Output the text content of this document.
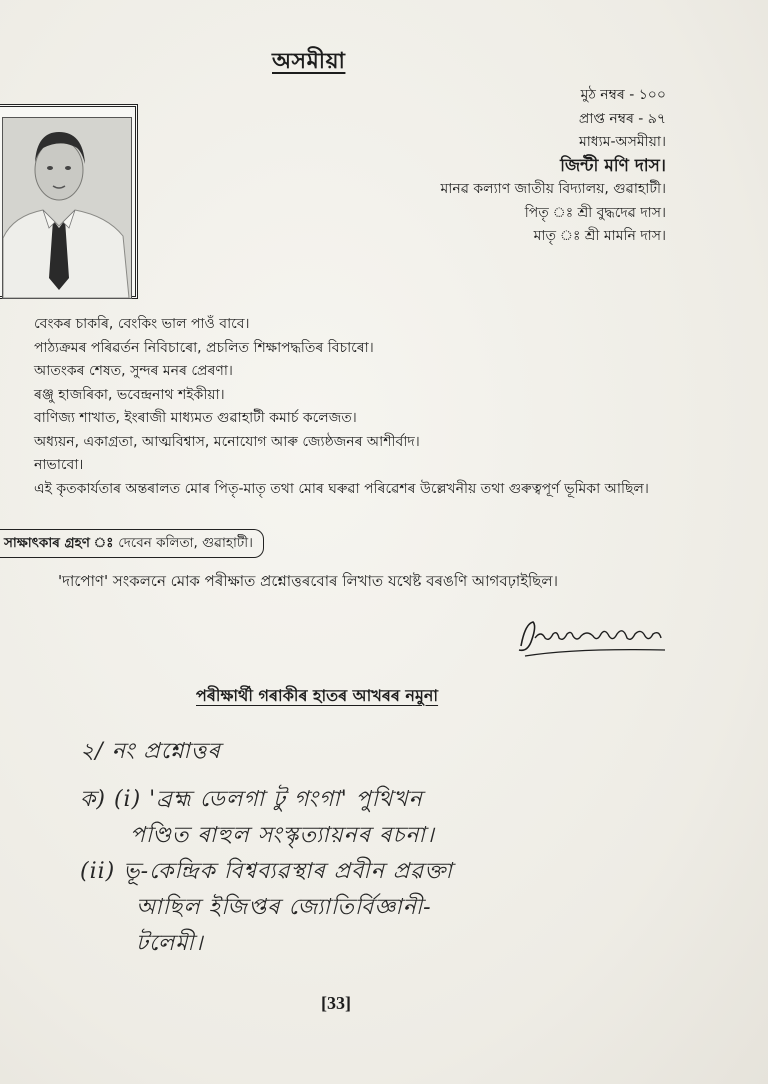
অসমীয়া
মুঠ নম্বৰ - ১০০
প্ৰাপ্ত নম্বৰ - ৯৭
মাধ্যম-অসমীয়া।
জিন্টী মণি দাস।
মানৱ কল্যাণ জাতীয় বিদ্যালয়, গুৱাহাটী।
পিতৃ ঃ শ্ৰী বুদ্ধদেৱ দাস।
মাতৃ ঃ শ্ৰী মামনি দাস।
বেংকৰ চাকৰি, বেংকিং ভাল পাওঁ বাবে।
পাঠ্যক্ৰমৰ পৰিৱৰ্তন নিবিচাৰো, প্ৰচলিত শিক্ষাপদ্ধতিৰ বিচাৰো।
আতংকৰ শেষত, সুন্দৰ মনৰ প্ৰেৰণা।
ৰঞ্জু হাজৰিকা, ভবেন্দ্ৰনাথ শইকীয়া।
বাণিজ্য শাখাত, ইংৰাজী মাধ্যমত গুৱাহাটী কমাৰ্চ কলেজত।
অধ্যয়ন, একাগ্ৰতা, আত্মবিশ্বাস, মনোযোগ আৰু জ্যেষ্ঠজনৰ আশীৰ্বাদ।
নাভাবো।
এই কৃতকাৰ্যতাৰ অন্তৰালত মোৰ পিতৃ-মাতৃ তথা মোৰ ঘৰুৱা পৰিৱেশৰ উল্লেখনীয় তথা গুৰুত্বপূৰ্ণ ভূমিকা আছিল।
সাক্ষাৎকাৰ গ্ৰহণ ঃ দেবেন কলিতা, গুৱাহাটী।
'দাপোণ' সংকলনে মোক পৰীক্ষাত প্ৰশ্নোত্তৰবোৰ লিখাত যথেষ্ট বৰঙণি আগবঢ়াইছিল।
পৰীক্ষাৰ্থী গৰাকীৰ হাতৰ আখৰৰ নমুনা
২/ নং প্ৰশ্নোত্তৰ
ক) (i) 'ব্ৰহ্ম ডেলগা টু গংগা' পুথিখন
পণ্ডিত ৰাহুল সংস্কৃত্যায়নৰ ৰচনা।
(ii) ভূ-কেন্দ্ৰিক বিশ্বব্যৱস্থাৰ প্ৰবীন প্ৰৱক্তা
আছিল ইজিপ্তৰ জ্যোতিৰ্বিজ্ঞানী-
টলেমী।
[33]
